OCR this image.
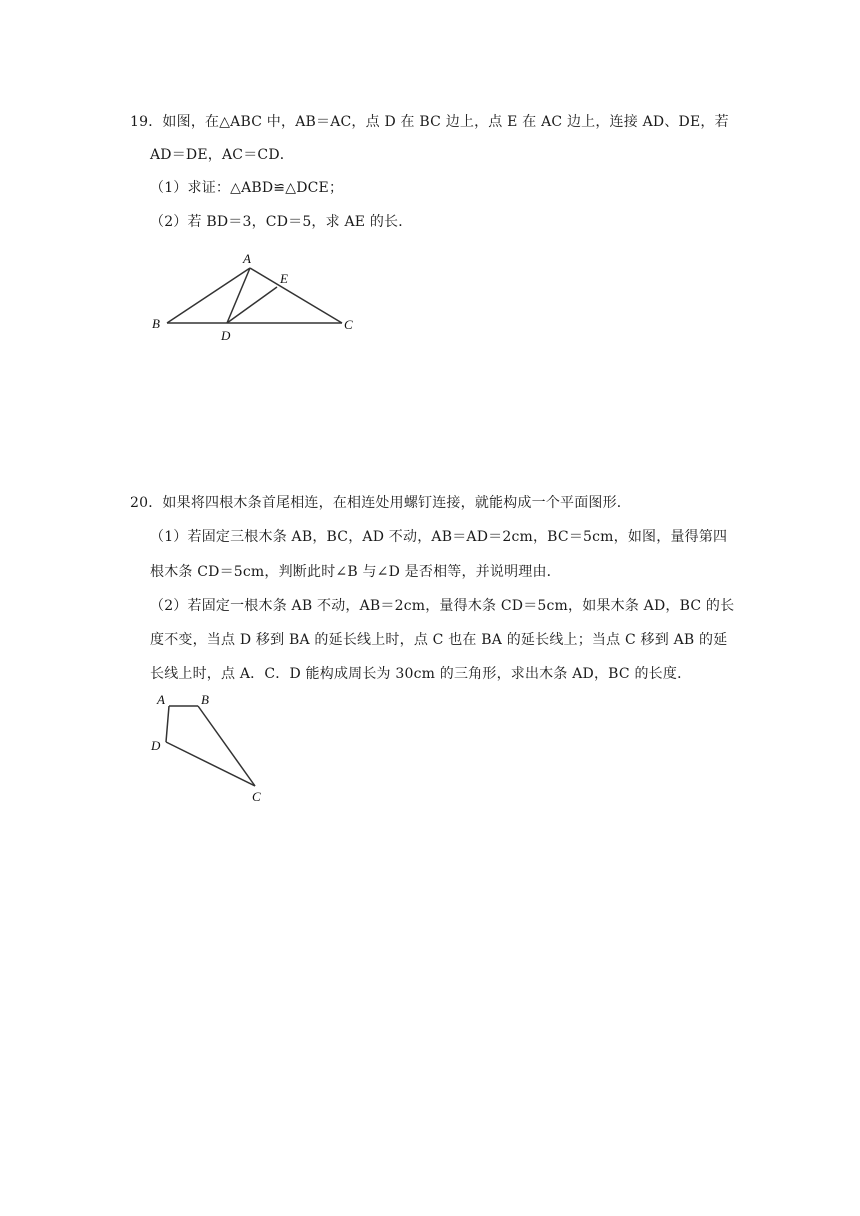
19．如图，在△ABC 中，AB＝AC，点 D 在 BC 边上，点 E 在 AC 边上，连接 AD、DE，若
AD＝DE，AC＝CD．
（1）求证：△ABD≌△DCE；
（2）若 BD＝3，CD＝5，求 AE 的长．
A
B	C
D
E
20．如果将四根木条首尾相连，在相连处用螺钉连接，就能构成一个平面图形．
（1）若固定三根木条 AB，BC，AD 不动，AB＝AD＝2cm，BC＝5cm，如图，量得第四
根木条 CD＝5cm，判断此时∠B 与∠D 是否相等，并说明理由．
（2）若固定一根木条 AB 不动，AB＝2cm，量得木条 CD＝5cm，如果木条 AD，BC 的长
度不变，当点 D 移到 BA 的延长线上时，点 C 也在 BA 的延长线上；当点 C 移到 AB 的延
长线上时，点 A．C．D 能构成周长为 30cm 的三角形，求出木条 AD，BC 的长度．
A	B
D
C
